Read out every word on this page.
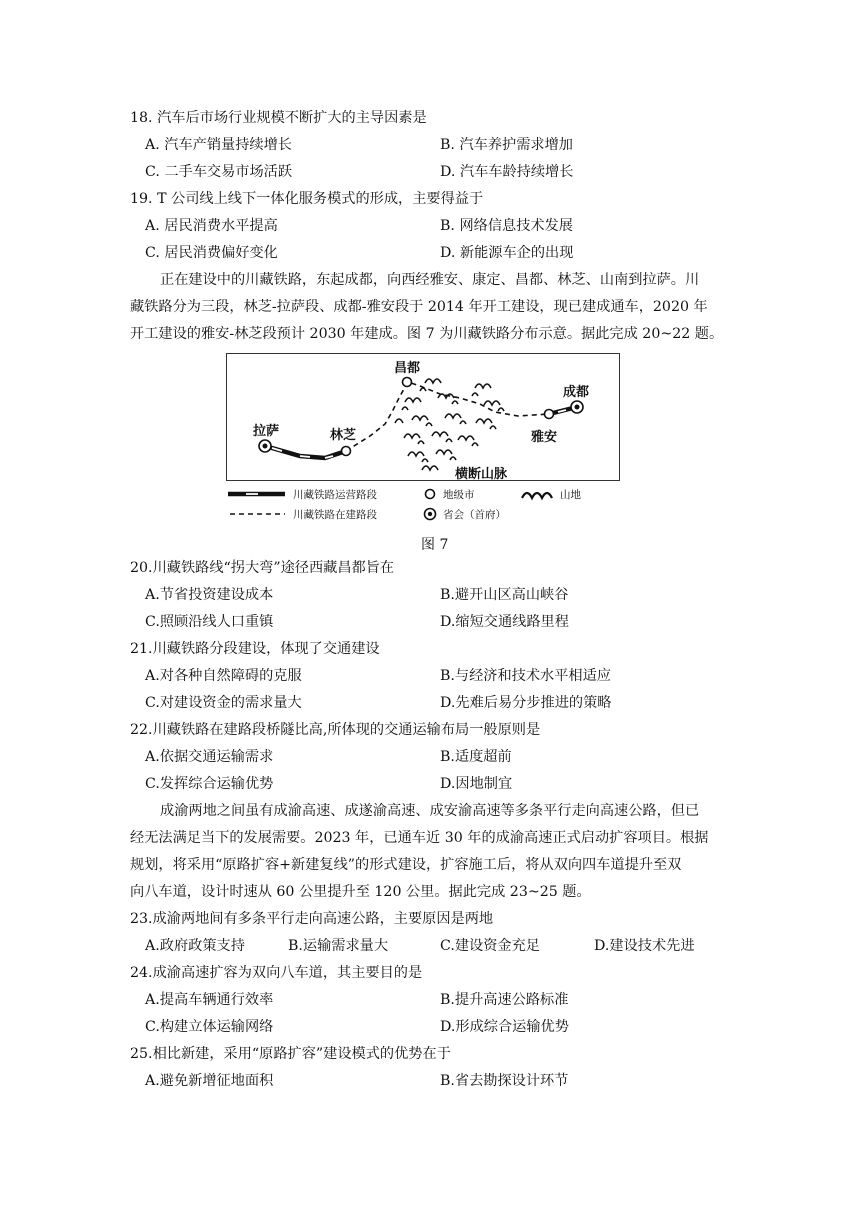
18. 汽车后市场行业规模不断扩大的主导因素是
A. 汽车产销量持续增长	B. 汽车养护需求增加
C. 二手车交易市场活跃	D. 汽车车龄持续增长
19. T 公司线上线下一体化服务模式的形成，主要得益于
A. 居民消费水平提高	B. 网络信息技术发展
C. 居民消费偏好变化	D. 新能源车企的出现
正在建设中的川藏铁路，东起成都，向西经雅安、康定、昌都、林芝、山南到拉萨。川
藏铁路分为三段，林芝-拉萨段、成都-雅安段于 2014 年开工建设，现已建成通车，2020 年
开工建设的雅安-林芝段预计 2030 年建成。图 7 为川藏铁路分布示意。据此完成 20~22 题。
昌都
拉萨	林芝
成都
雅安
横断山脉
川藏铁路运营路段
川藏铁路在建路段
地级市
省会（首府）
山地
图 7
20.川藏铁路线“拐大弯”途径西藏昌都旨在
A.节省投资建设成本	B.避开山区高山峡谷
C.照顾沿线人口重镇	D.缩短交通线路里程
21.川藏铁路分段建设，体现了交通建设
A.对各种自然障碍的克服	B.与经济和技术水平相适应
C.对建设资金的需求量大	D.先难后易分步推进的策略
22.川藏铁路在建路段桥隧比高,所体现的交通运输布局一般原则是
A.依据交通运输需求	B.适度超前
C.发挥综合运输优势	D.因地制宜
成渝两地之间虽有成渝高速、成遂渝高速、成安渝高速等多条平行走向高速公路，但已
经无法满足当下的发展需要。2023 年，已通车近 30 年的成渝高速正式启动扩容项目。根据
规划，将采用“原路扩容+新建复线”的形式建设，扩容施工后，将从双向四车道提升至双
向八车道，设计时速从 60 公里提升至 120 公里。据此完成 23~25 题。
23.成渝两地间有多条平行走向高速公路，主要原因是两地
A.政府政策支持	B.运输需求量大	C.建设资金充足	D.建设技术先进
24.成渝高速扩容为双向八车道，其主要目的是
A.提高车辆通行效率	B.提升高速公路标准
C.构建立体运输网络	D.形成综合运输优势
25.相比新建，采用“原路扩容”建设模式的优势在于
A.避免新增征地面积	B.省去勘探设计环节
